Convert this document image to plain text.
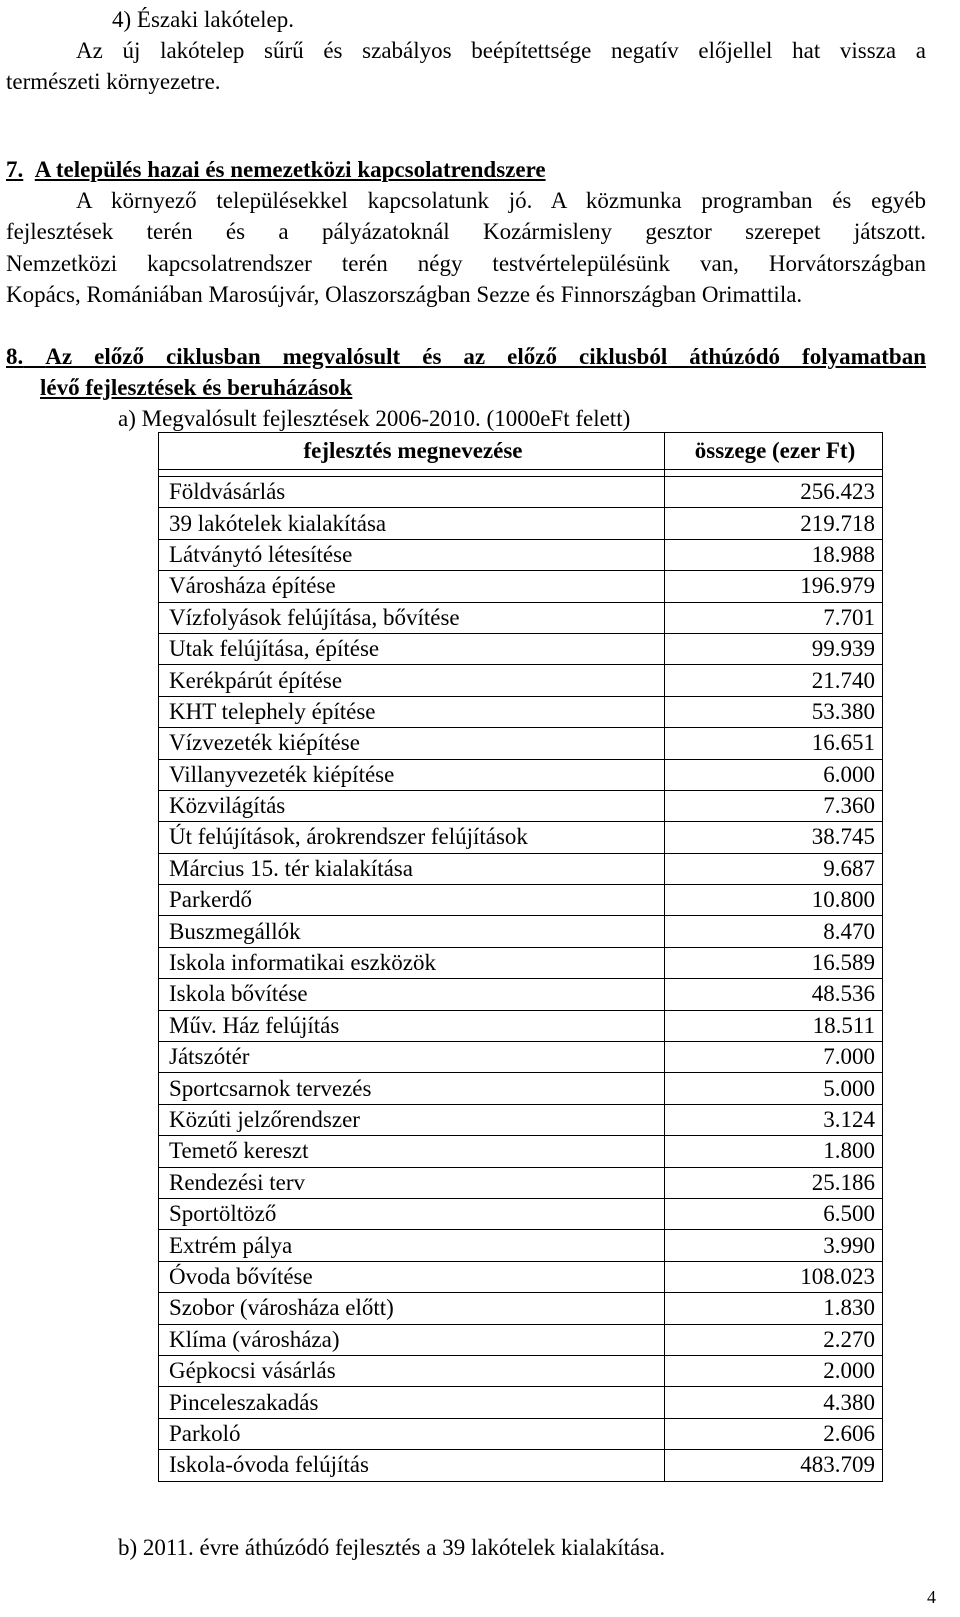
4) Északi lakótelep.
Az új lakótelep sűrű és szabályos beépítettsége negatív előjellel hat vissza a
természeti környezetre.
7. A település hazai és nemezetközi kapcsolatrendszere
A környező településekkel kapcsolatunk jó. A közmunka programban és egyéb
fejlesztések terén és a pályázatoknál Kozármisleny gesztor szerepet játszott.
Nemzetközi kapcsolatrendszer terén négy testvértelepülésünk van, Horvátországban
Kopács, Romániában Marosújvár, Olaszországban Sezze és Finnországban Orimattila.
8. Az előző ciklusban megvalósult és az előző ciklusból áthúzódó folyamatban
lévő fejlesztések és beruházások
a) Megvalósult fejlesztések 2006-2010. (1000eFt felett)
fejlesztés megnevezése	összege (ezer Ft)

Földvásárlás	256.423
39 lakótelek kialakítása	219.718
Látványtó létesítése	18.988
Városháza építése	196.979
Vízfolyások felújítása, bővítése	7.701
Utak felújítása, építése	99.939
Kerékpárút építése	21.740
KHT telephely építése	53.380
Vízvezeték kiépítése	16.651
Villanyvezeték kiépítése	6.000
Közvilágítás	7.360
Út felújítások, árokrendszer felújítások	38.745
Március 15. tér kialakítása	9.687
Parkerdő	10.800
Buszmegállók	8.470
Iskola informatikai eszközök	16.589
Iskola bővítése	48.536
Műv. Ház felújítás	18.511
Játszótér	7.000
Sportcsarnok tervezés	5.000
Közúti jelzőrendszer	3.124
Temető kereszt	1.800
Rendezési terv	25.186
Sportöltöző	6.500
Extrém pálya	3.990
Óvoda bővítése	108.023
Szobor (városháza előtt)	1.830
Klíma (városháza)	2.270
Gépkocsi vásárlás	2.000
Pinceleszakadás	4.380
Parkoló	2.606
Iskola-óvoda felújítás	483.709
b) 2011. évre áthúzódó fejlesztés a 39 lakótelek kialakítása.
4
